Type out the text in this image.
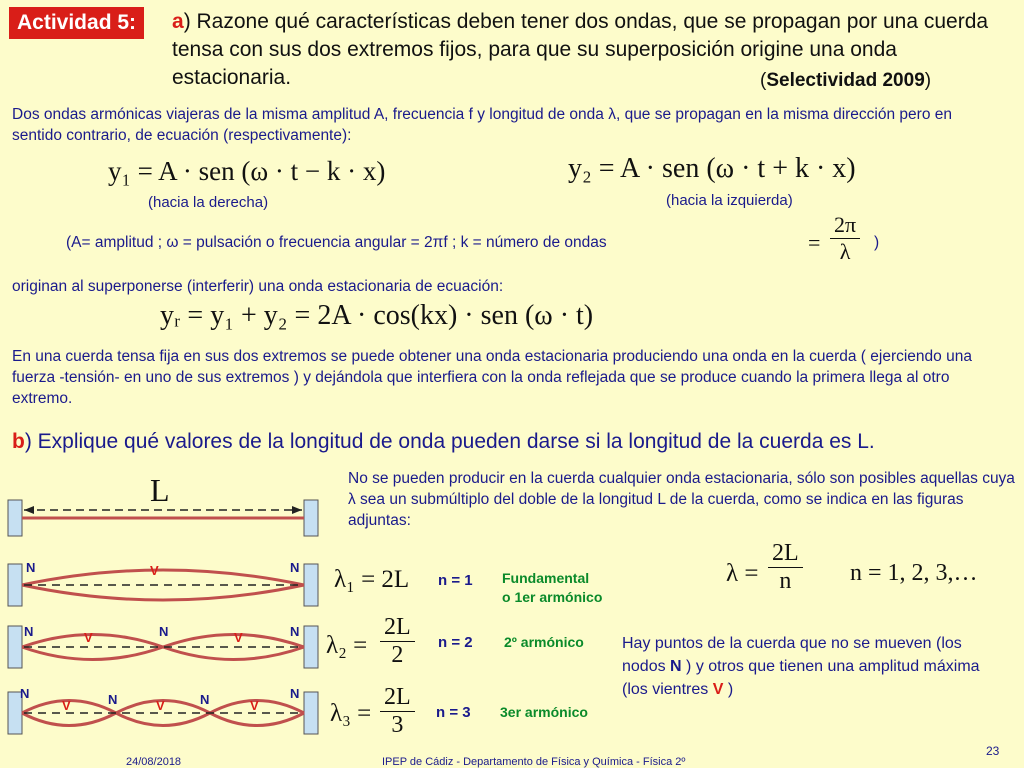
Actividad 5:	a) Razone qué características deben tener dos ondas, que se propagan por una cuerda tensa con sus dos extremos fijos, para que su superposición origine una onda estacionaria.	(Selectividad 2009)
Dos ondas armónicas viajeras de la misma amplitud A, frecuencia f y longitud de onda λ, que se propagan en la misma dirección pero en sentido contrario, de ecuación (respectivamente):
y₁ = A · sen (ω · t − k · x)
(hacia la derecha)
y₂ = A · sen (ω · t + k · x)
(hacia la izquierda)
(A= amplitud ; ω = pulsación o frecuencia angular = 2πf ; k = número de ondas	= $\frac{2\pi}{\lambda}$ )
originan al superponerse (interferir) una onda estacionaria de ecuación:
yᵣ = y₁ + y₂ = 2A · cos(kx) · sen (ω · t)
En una cuerda tensa fija en sus dos extremos se puede obtener una onda estacionaria produciendo una onda en la cuerda ( ejerciendo una fuerza -tensión- en uno de sus extremos ) y dejándola que interfiera con la onda reflejada que se produce cuando la primera llega al otro extremo.
b) Explique qué valores de la longitud de onda pueden darse si la longitud de la cuerda es L.
No se pueden producir en la cuerda cualquier onda estacionaria, sólo son posibles aquellas cuya λ sea un submúltiplo del doble de la longitud L de la cuerda, como se indica en las figuras adjuntas:
L
N	V	N
N	V	N	V	N
N
V	N	V	N	V
N
λ₁ = 2L n = 1 Fundamental
o 1er armónico
$\lambda_2 = \frac{2L}{2}$ n = 2 2º armónico
$\lambda_3 = \frac{2L}{3}$ n = 3 3er armónico
$\lambda = \frac{2L}{n}$ n = 1, 2, 3,…
Hay puntos de la cuerda que no se mueven (los nodos N ) y otros que tienen una amplitud máxima (los vientres V )
24/08/2018	IPEP de Cádiz - Departamento de Física y Química - Física 2º
23
